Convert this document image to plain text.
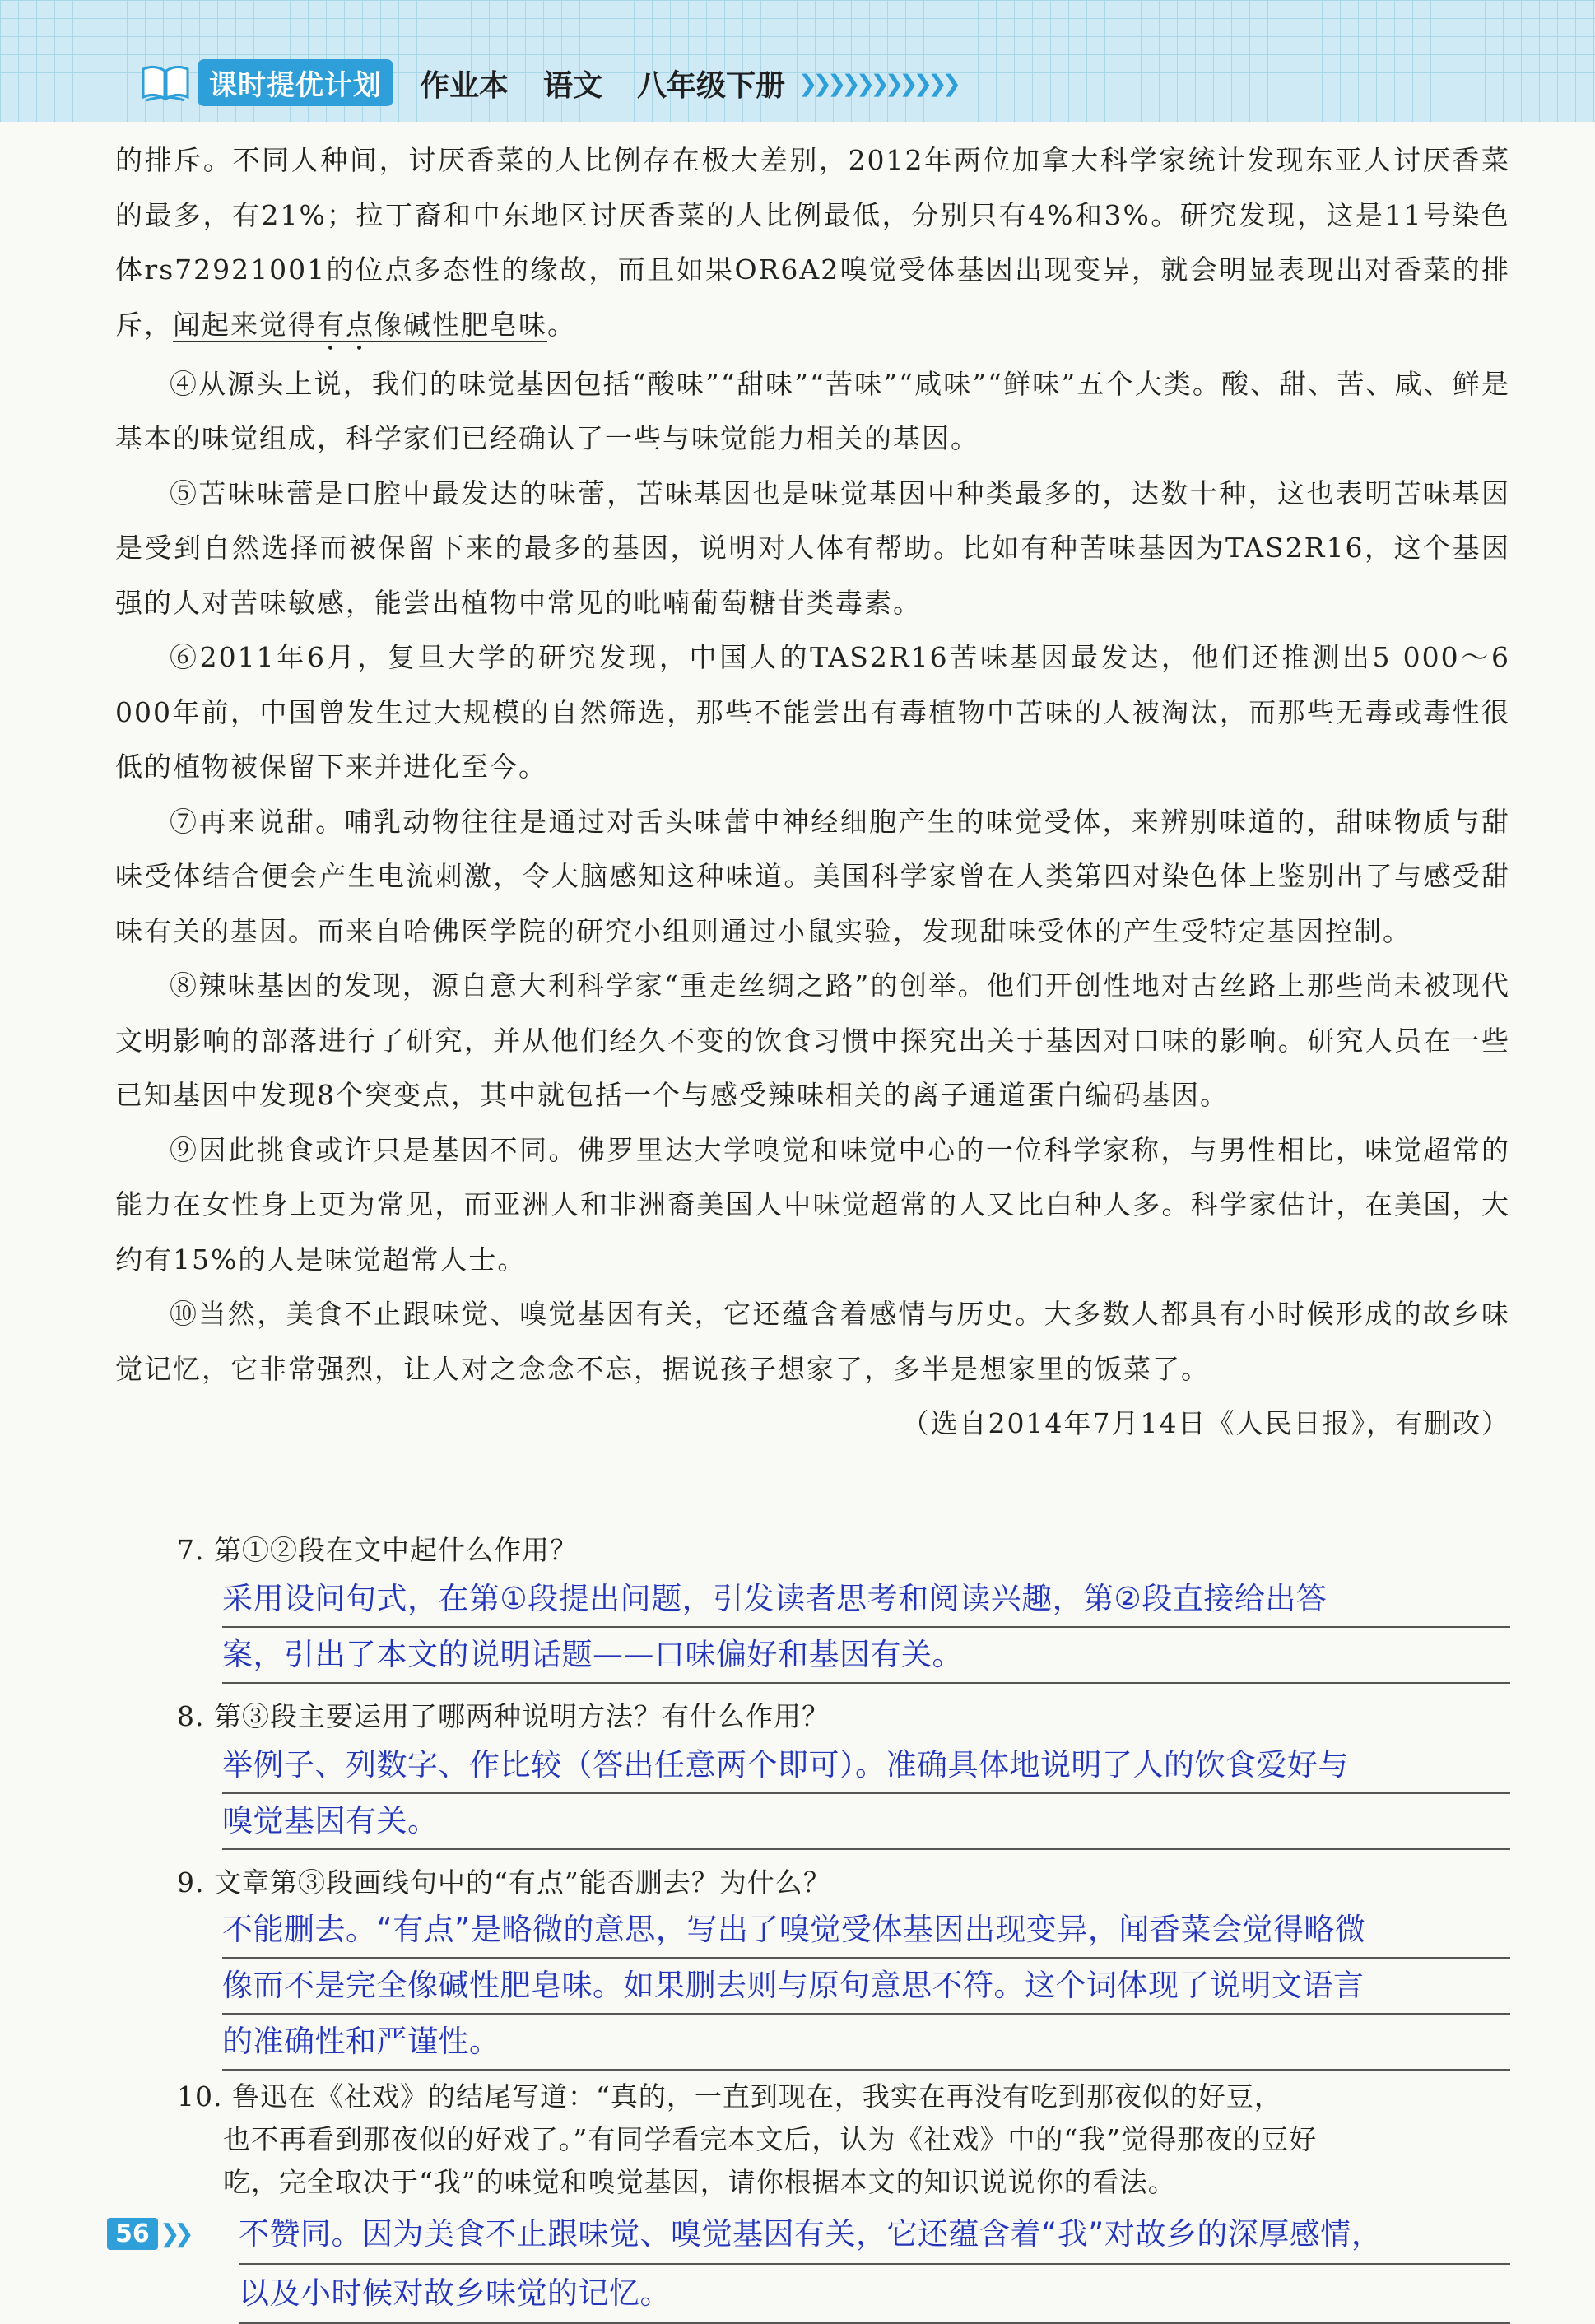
课时提优计划	作业本 语文 八年级下册 ❯❯❯❯❯❯❯❯❯❯❯

的排斥。不同人种间，讨厌香菜的人比例存在极大差别，2012年两位加拿大科学家统计发现东亚人讨厌香菜的最多，有21%；拉丁裔和中东地区讨厌香菜的人比例最低，分别只有4%和3%。研究发现，这是11号染色体rs72921001的位点多态性的缘故，而且如果OR6A2嗅觉受体基因出现变异，就会明显表现出对香菜的排斥，闻起来觉得有点像碱性肥皂味。

④从源头上说，我们的味觉基因包括“酸味”“甜味”“苦味”“咸味”“鲜味”五个大类。酸、甜、苦、咸、鲜是基本的味觉组成，科学家们已经确认了一些与味觉能力相关的基因。

⑤苦味味蕾是口腔中最发达的味蕾，苦味基因也是味觉基因中种类最多的，达数十种，这也表明苦味基因是受到自然选择而被保留下来的最多的基因，说明对人体有帮助。比如有种苦味基因为TAS2R16，这个基因强的人对苦味敏感，能尝出植物中常见的吡喃葡萄糖苷类毒素。

⑥2011年6月，复旦大学的研究发现，中国人的TAS2R16苦味基因最发达，他们还推测出5 000～6 000年前，中国曾发生过大规模的自然筛选，那些不能尝出有毒植物中苦味的人被淘汰，而那些无毒或毒性很低的植物被保留下来并进化至今。

⑦再来说甜。哺乳动物往往是通过对舌头味蕾中神经细胞产生的味觉受体，来辨别味道的，甜味物质与甜味受体结合便会产生电流刺激，令大脑感知这种味道。美国科学家曾在人类第四对染色体上鉴别出了与感受甜味有关的基因。而来自哈佛医学院的研究小组则通过小鼠实验，发现甜味受体的产生受特定基因控制。

⑧辣味基因的发现，源自意大利科学家“重走丝绸之路”的创举。他们开创性地对古丝路上那些尚未被现代文明影响的部落进行了研究，并从他们经久不变的饮食习惯中探究出关于基因对口味的影响。研究人员在一些已知基因中发现8个突变点，其中就包括一个与感受辣味相关的离子通道蛋白编码基因。

⑨因此挑食或许只是基因不同。佛罗里达大学嗅觉和味觉中心的一位科学家称，与男性相比，味觉超常的能力在女性身上更为常见，而亚洲人和非洲裔美国人中味觉超常的人又比白种人多。科学家估计，在美国，大约有15%的人是味觉超常人士。

⑩当然，美食不止跟味觉、嗅觉基因有关，它还蕴含着感情与历史。大多数人都具有小时候形成的故乡味觉记忆，它非常强烈，让人对之念念不忘，据说孩子想家了，多半是想家里的饭菜了。

（选自2014年7月14日《人民日报》，有删改）

7. 第①②段在文中起什么作用？
采用设问句式，在第①段提出问题，引发读者思考和阅读兴趣，第②段直接给出答
案，引出了本文的说明话题——口味偏好和基因有关。
8. 第③段主要运用了哪两种说明方法？有什么作用？
举例子、列数字、作比较（答出任意两个即可）。准确具体地说明了人的饮食爱好与
嗅觉基因有关。
9. 文章第③段画线句中的“有点”能否删去？为什么？
不能删去。“有点”是略微的意思，写出了嗅觉受体基因出现变异，闻香菜会觉得略微
像而不是完全像碱性肥皂味。如果删去则与原句意思不符。这个词体现了说明文语言
的准确性和严谨性。
10. 鲁迅在《社戏》的结尾写道：“真的，一直到现在，我实在再没有吃到那夜似的好豆，
也不再看到那夜似的好戏了。”有同学看完本文后，认为《社戏》中的“我”觉得那夜的豆好
吃，完全取决于“我”的味觉和嗅觉基因，请你根据本文的知识说说你的看法。
56 ❯❯ 不赞同。因为美食不止跟味觉、嗅觉基因有关，它还蕴含着“我”对故乡的深厚感情，
以及小时候对故乡味觉的记忆。
